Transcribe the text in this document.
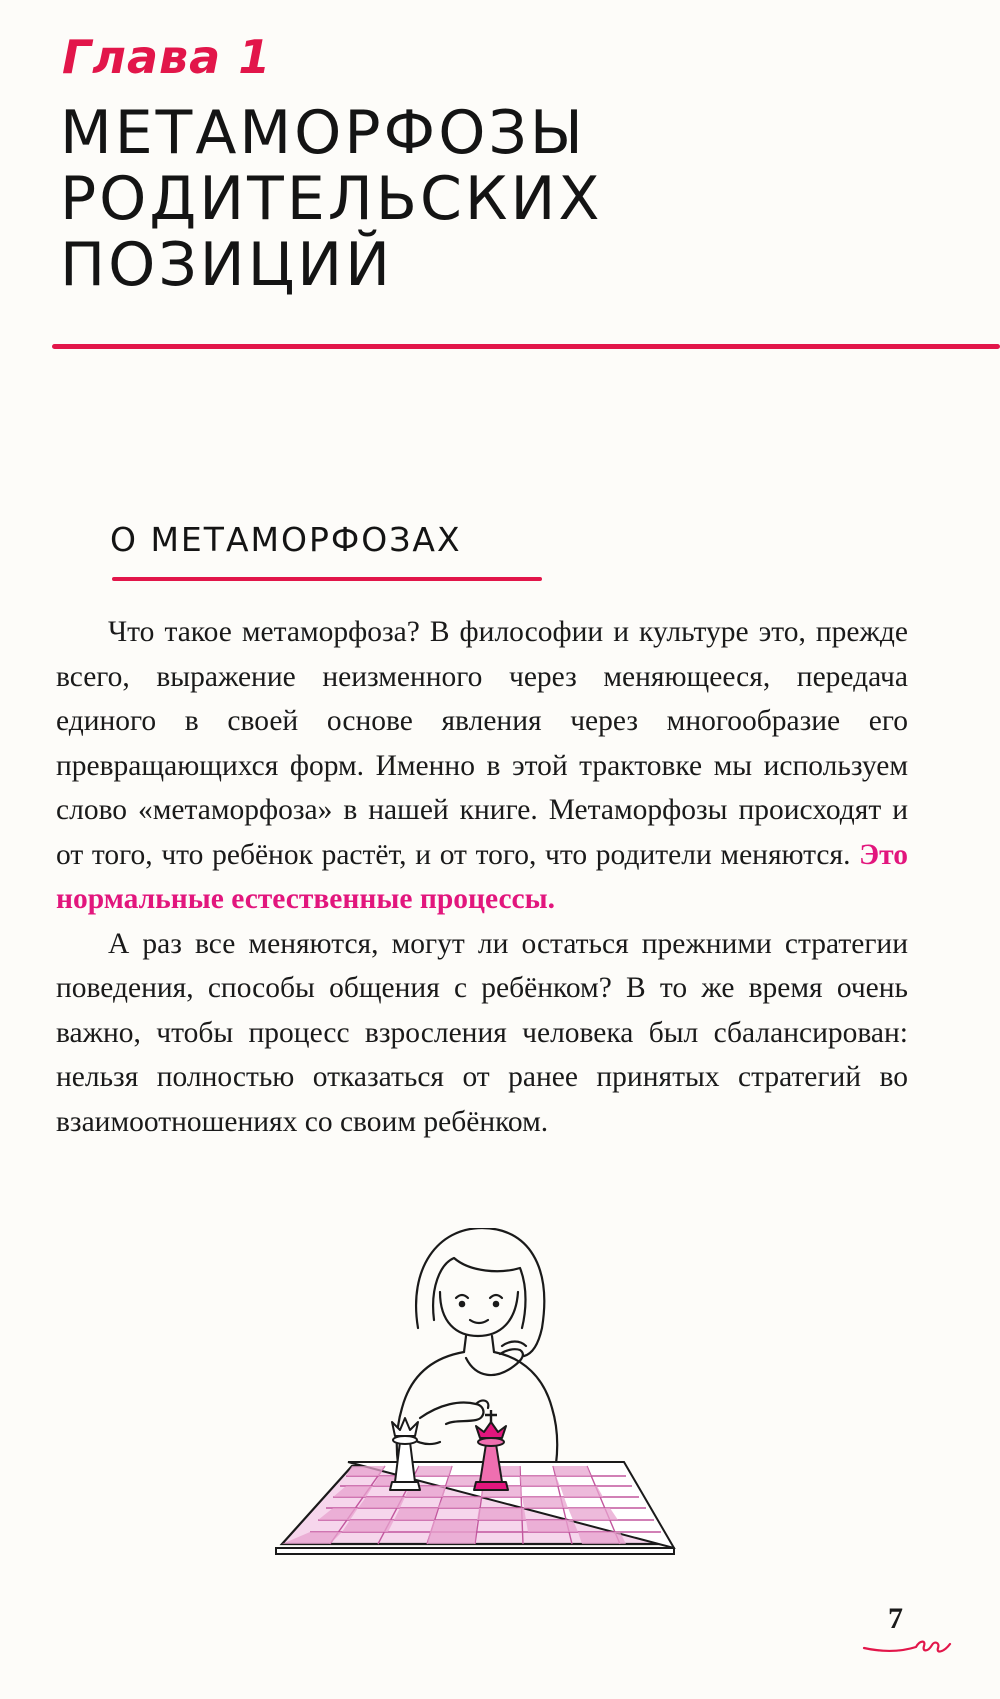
Глава 1
МЕТАМОРФОЗЫ
РОДИТЕЛЬСКИХ
ПОЗИЦИЙ
О МЕТАМОРФОЗАХ

Что такое метаморфоза? В философии и культуре это, прежде всего, выражение неизменного через меняющееся, передача единого в своей основе явления через многообразие его превращающихся форм. Именно в этой трактовке мы используем слово «метаморфоза» в нашей книге. Метаморфозы происходят и от того, что ребёнок растёт, и от того, что родители меняются. Это нормальные естественные процессы.

А раз все меняются, могут ли остаться прежними стратегии поведения, способы общения с ребёнком? В то же время очень важно, чтобы процесс взросления человека был сбалансирован: нельзя полностью отказаться от ранее принятых стратегий во взаимоотношениях со своим ребёнком.

7
